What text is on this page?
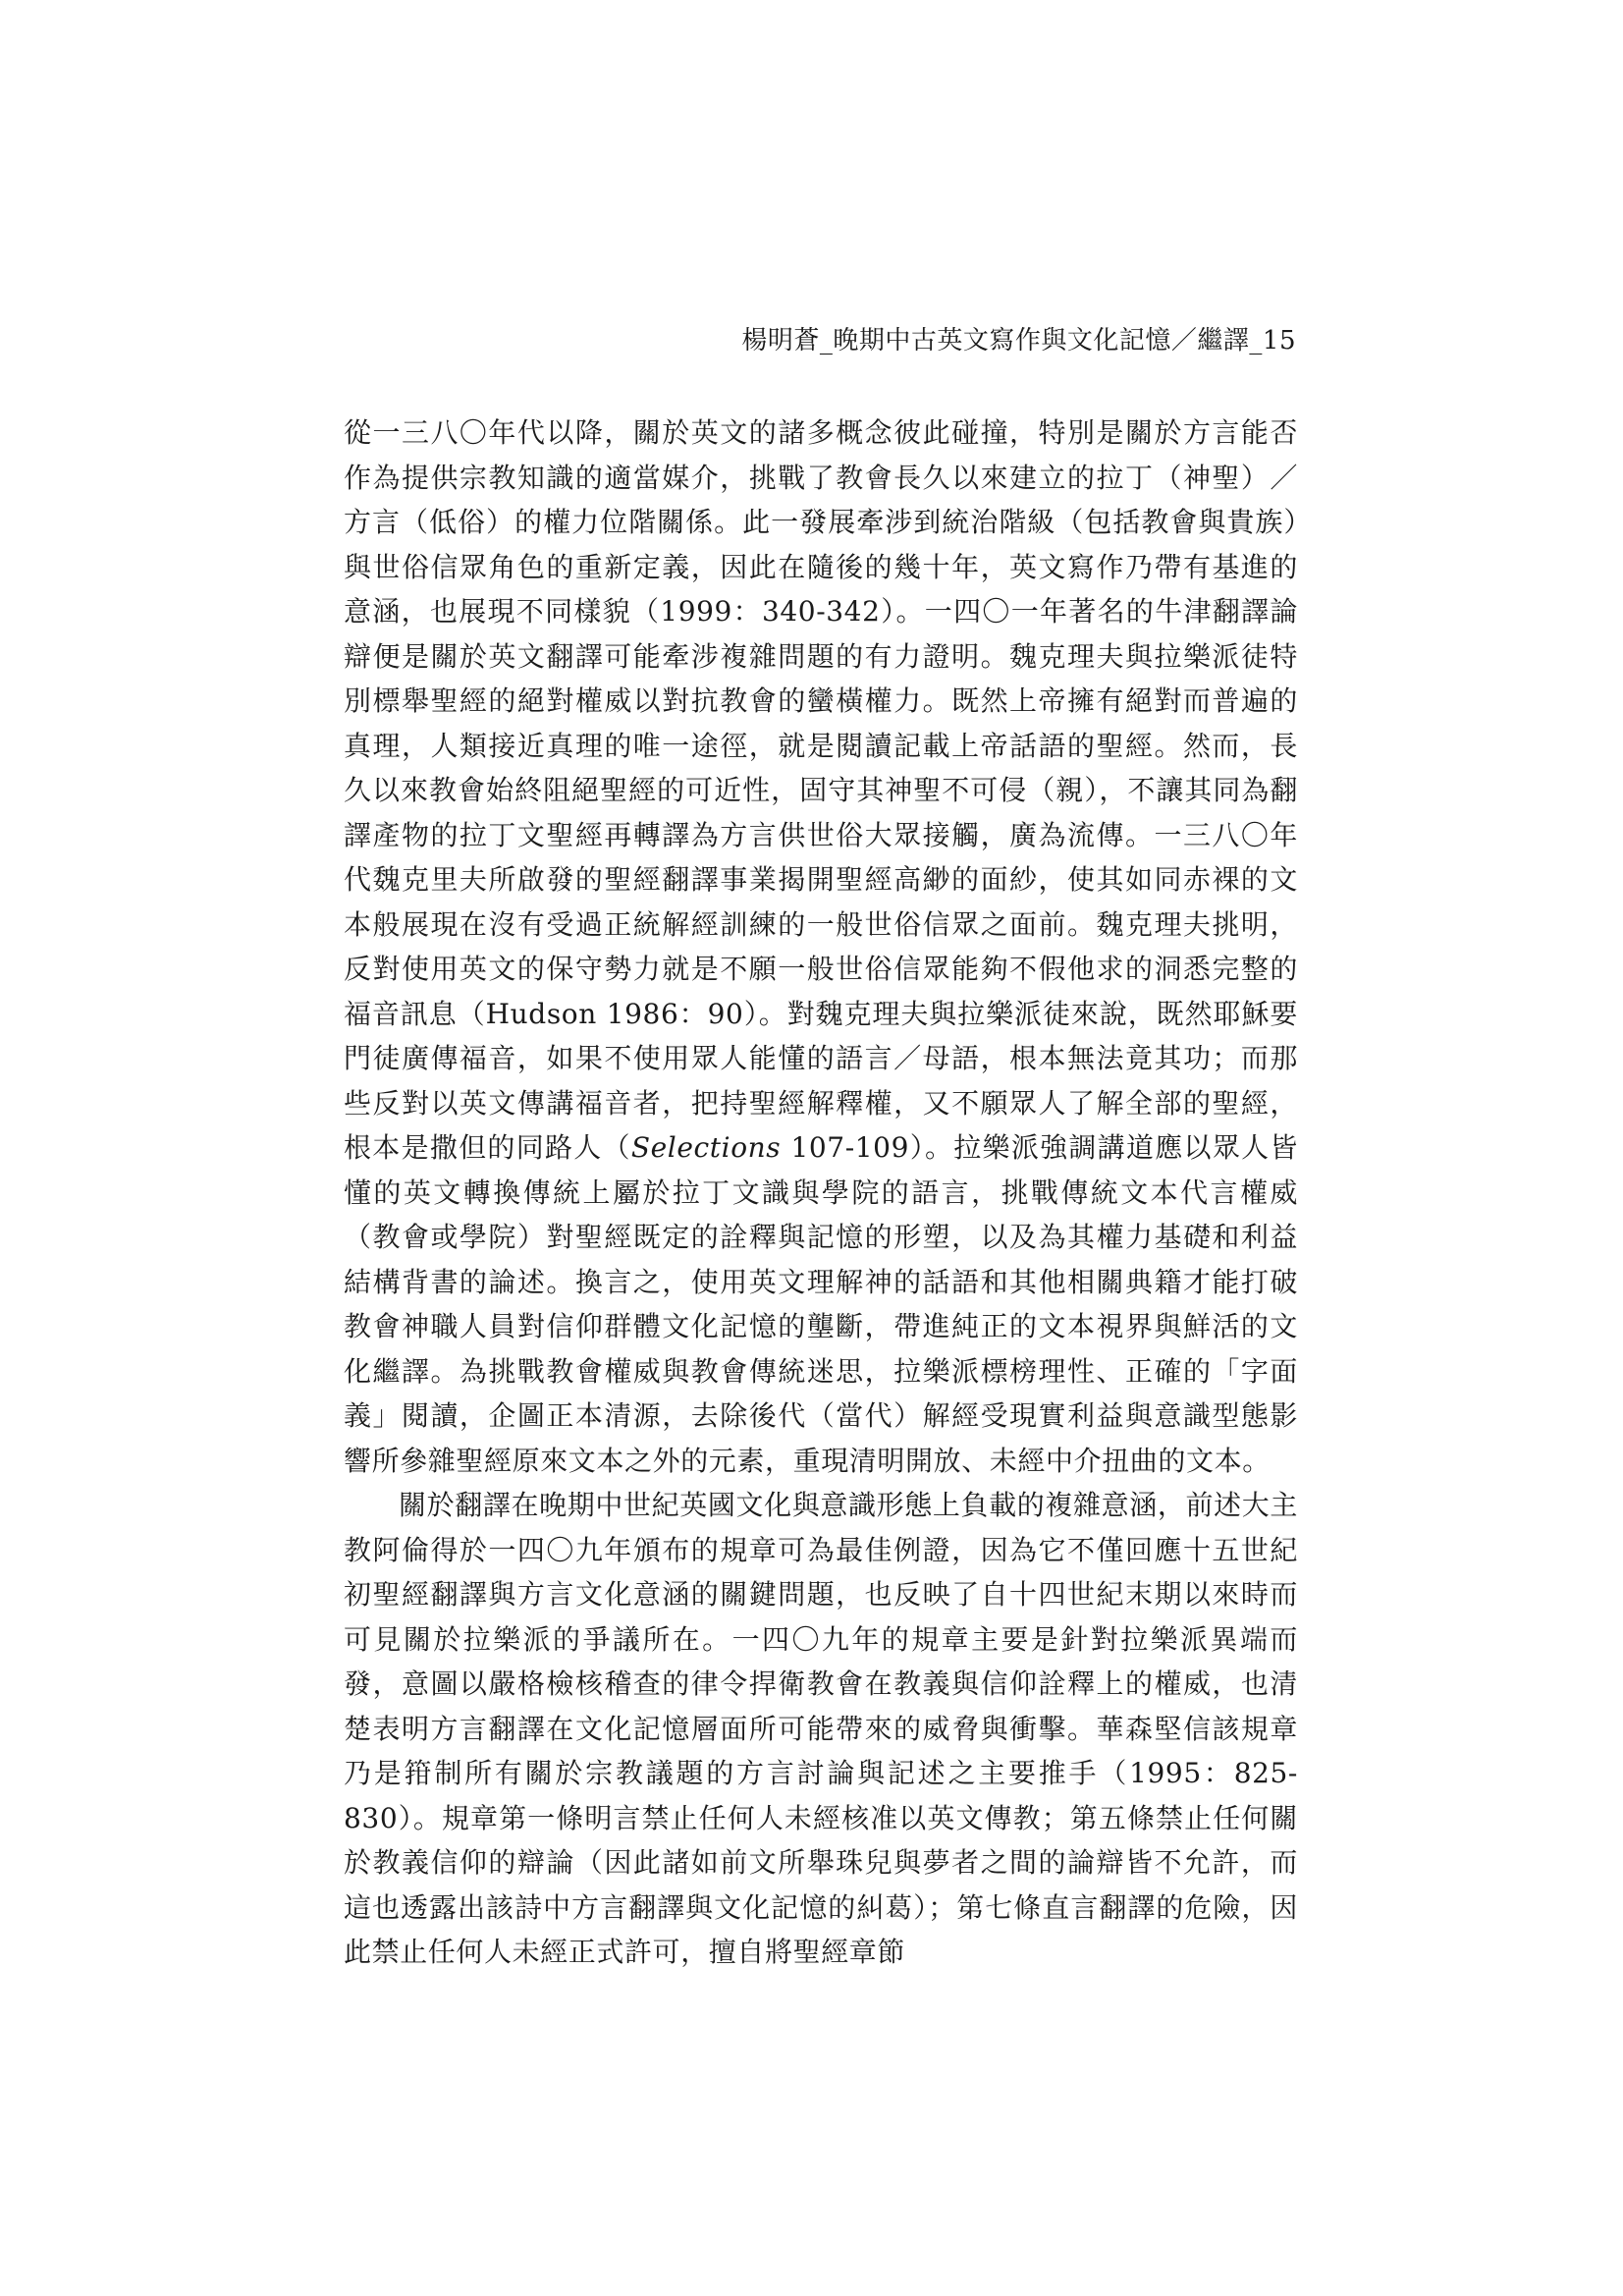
楊明蒼_晚期中古英文寫作與文化記憶／繼譯_15

從一三八〇年代以降，關於英文的諸多概念彼此碰撞，特別是關於方言能否作為提供宗教知識的適當媒介，挑戰了教會長久以來建立的拉丁（神聖）／方言（低俗）的權力位階關係。此一發展牽涉到統治階級（包括教會與貴族）與世俗信眾角色的重新定義，因此在隨後的幾十年，英文寫作乃帶有基進的意涵，也展現不同樣貌（1999：340-342）。一四〇一年著名的牛津翻譯論辯便是關於英文翻譯可能牽涉複雜問題的有力證明。魏克理夫與拉樂派徒特別標舉聖經的絕對權威以對抗教會的蠻橫權力。既然上帝擁有絕對而普遍的真理，人類接近真理的唯一途徑，就是閱讀記載上帝話語的聖經。然而，長久以來教會始終阻絕聖經的可近性，固守其神聖不可侵（親），不讓其同為翻譯產物的拉丁文聖經再轉譯為方言供世俗大眾接觸，廣為流傳。一三八〇年代魏克里夫所啟發的聖經翻譯事業揭開聖經高緲的面紗，使其如同赤裸的文本般展現在沒有受過正統解經訓練的一般世俗信眾之面前。魏克理夫挑明，反對使用英文的保守勢力就是不願一般世俗信眾能夠不假他求的洞悉完整的福音訊息（Hudson 1986：90）。對魏克理夫與拉樂派徒來說，既然耶穌要門徒廣傳福音，如果不使用眾人能懂的語言／母語，根本無法竟其功；而那些反對以英文傳講福音者，把持聖經解釋權，又不願眾人了解全部的聖經，根本是撒但的同路人（Selections 107-109）。拉樂派強調講道應以眾人皆懂的英文轉換傳統上屬於拉丁文識與學院的語言，挑戰傳統文本代言權威（教會或學院）對聖經既定的詮釋與記憶的形塑，以及為其權力基礎和利益結構背書的論述。換言之，使用英文理解神的話語和其他相關典籍才能打破教會神職人員對信仰群體文化記憶的壟斷，帶進純正的文本視界與鮮活的文化繼譯。為挑戰教會權威與教會傳統迷思，拉樂派標榜理性、正確的「字面義」閱讀，企圖正本清源，去除後代（當代）解經受現實利益與意識型態影響所參雜聖經原來文本之外的元素，重現清明開放、未經中介扭曲的文本。

關於翻譯在晚期中世紀英國文化與意識形態上負載的複雜意涵，前述大主教阿倫得於一四〇九年頒布的規章可為最佳例證，因為它不僅回應十五世紀初聖經翻譯與方言文化意涵的關鍵問題，也反映了自十四世紀末期以來時而可見關於拉樂派的爭議所在。一四〇九年的規章主要是針對拉樂派異端而發，意圖以嚴格檢核稽查的律令捍衛教會在教義與信仰詮釋上的權威，也清楚表明方言翻譯在文化記憶層面所可能帶來的威脅與衝擊。華森堅信該規章乃是箝制所有關於宗教議題的方言討論與記述之主要推手（1995：825-830）。規章第一條明言禁止任何人未經核准以英文傳教；第五條禁止任何關於教義信仰的辯論（因此諸如前文所舉珠兒與夢者之間的論辯皆不允許，而這也透露出該詩中方言翻譯與文化記憶的糾葛）；第七條直言翻譯的危險，因此禁止任何人未經正式許可，擅自將聖經章節
